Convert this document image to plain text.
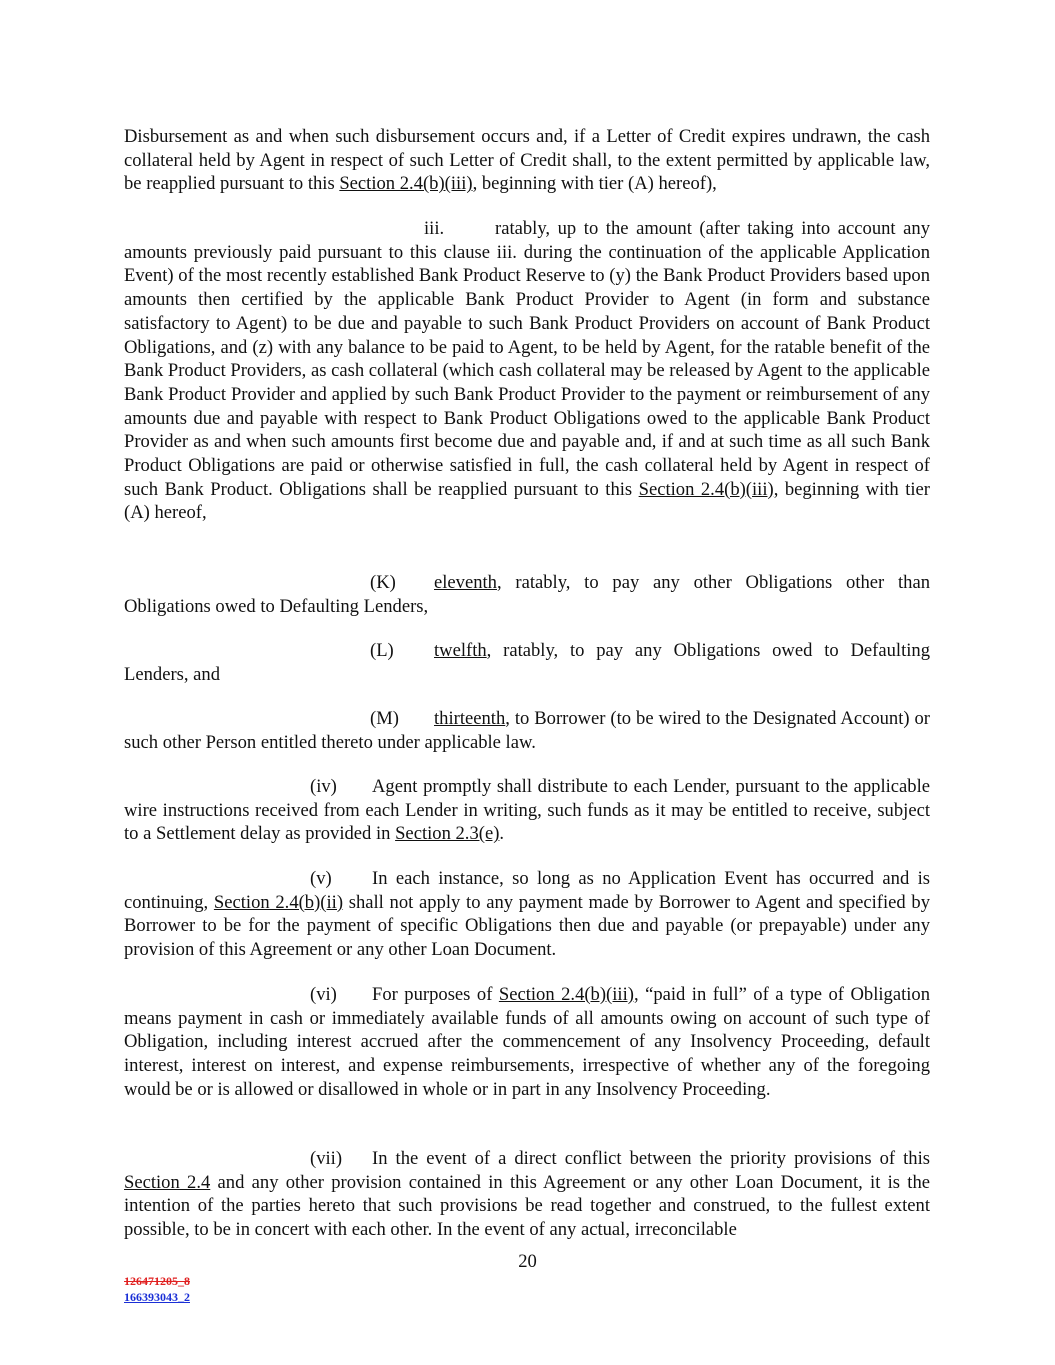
Disbursement as and when such disbursement occurs and, if a Letter of Credit expires undrawn, the cash collateral held by Agent in respect of such Letter of Credit shall, to the extent permitted by applicable law, be reapplied pursuant to this Section 2.4(b)(iii), beginning with tier (A) hereof),

iii.	ratably, up to the amount (after taking into account any amounts previously paid pursuant to this clause iii. during the continuation of the applicable Application Event) of the most recently established Bank Product Reserve to (y) the Bank Product Providers based upon amounts then certified by the applicable Bank Product Provider to Agent (in form and substance satisfactory to Agent) to be due and payable to such Bank Product Providers on account of Bank Product Obligations, and (z) with any balance to be paid to Agent, to be held by Agent, for the ratable benefit of the Bank Product Providers, as cash collateral (which cash collateral may be released by Agent to the applicable Bank Product Provider and applied by such Bank Product Provider to the payment or reimbursement of any amounts due and payable with respect to Bank Product Obligations owed to the applicable Bank Product Provider as and when such amounts first become due and payable and, if and at such time as all such Bank Product Obligations are paid or otherwise satisfied in full, the cash collateral held by Agent in respect of such Bank Product. Obligations shall be reapplied pursuant to this Section 2.4(b)(iii), beginning with tier (A) hereof,

(K) eleventh, ratably, to pay any other Obligations other than Obligations owed to Defaulting Lenders,

(L) twelfth, ratably, to pay any Obligations owed to Defaulting Lenders, and

(M) thirteenth, to Borrower (to be wired to the Designated Account) or such other Person entitled thereto under applicable law.

(iv) Agent promptly shall distribute to each Lender, pursuant to the applicable wire instructions received from each Lender in writing, such funds as it may be entitled to receive, subject to a Settlement delay as provided in Section 2.3(e).

(v) In each instance, so long as no Application Event has occurred and is continuing, Section 2.4(b)(ii) shall not apply to any payment made by Borrower to Agent and specified by Borrower to be for the payment of specific Obligations then due and payable (or prepayable) under any provision of this Agreement or any other Loan Document.

(vi) For purposes of Section 2.4(b)(iii), “paid in full” of a type of Obligation means payment in cash or immediately available funds of all amounts owing on account of such type of Obligation, including interest accrued after the commencement of any Insolvency Proceeding, default interest, interest on interest, and expense reimbursements, irrespective of whether any of the foregoing would be or is allowed or disallowed in whole or in part in any Insolvency Proceeding.

(vii) In the event of a direct conflict between the priority provisions of this Section 2.4 and any other provision contained in this Agreement or any other Loan Document, it is the intention of the parties hereto that such provisions be read together and construed, to the fullest extent possible, to be in concert with each other. In the event of any actual, irreconcilable

20
126471205_8
166393043_2
